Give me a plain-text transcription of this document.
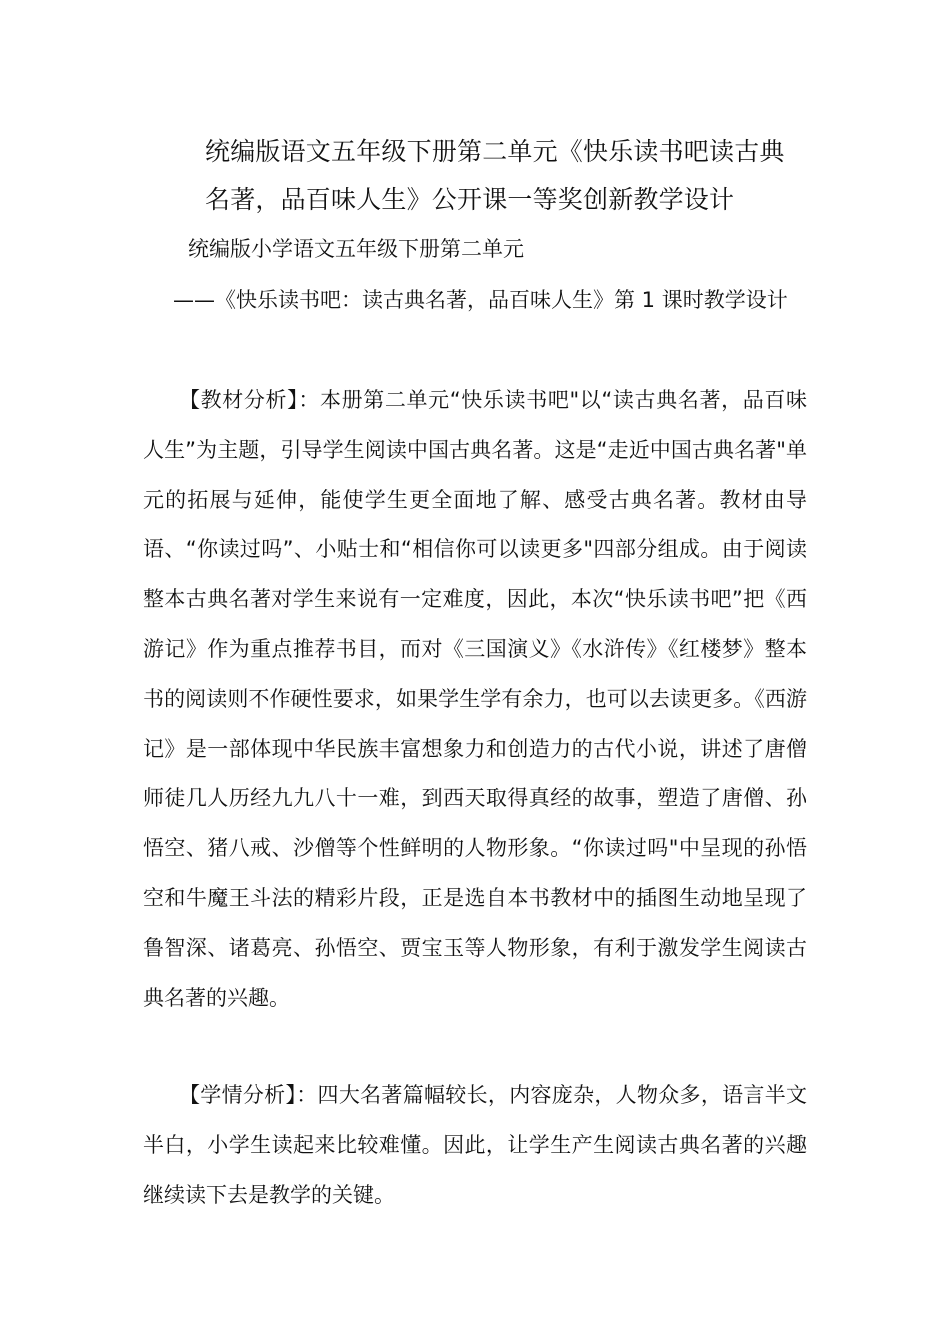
统编版语文五年级下册第二单元《快乐读书吧读古典名著，品百味人生》公开课一等奖创新教学设计

统编版小学语文五年级下册第二单元

——《快乐读书吧：读古典名著，品百味人生》第 1 课时教学设计

【教材分析】：本册第二单元“快乐读书吧"以“读古典名著，品百味人生”为主题，引导学生阅读中国古典名著。这是“走近中国古典名著"单元的拓展与延伸，能使学生更全面地了解、感受古典名著。教材由导语、“你读过吗”、小贴士和“相信你可以读更多"四部分组成。由于阅读整本古典名著对学生来说有一定难度，因此，本次“快乐读书吧”把《西游记》作为重点推荐书目，而对《三国演义》《水浒传》《红楼梦》整本书的阅读则不作硬性要求，如果学生学有余力，也可以去读更多。《西游记》是一部体现中华民族丰富想象力和创造力的古代小说，讲述了唐僧师徒几人历经九九八十一难，到西天取得真经的故事，塑造了唐僧、孙悟空、猪八戒、沙僧等个性鲜明的人物形象。“你读过吗"中呈现的孙悟空和牛魔王斗法的精彩片段，正是选自本书教材中的插图生动地呈现了鲁智深、诸葛亮、孙悟空、贾宝玉等人物形象，有利于激发学生阅读古典名著的兴趣。

【学情分析】：四大名著篇幅较长，内容庞杂，人物众多，语言半文半白，小学生读起来比较难懂。因此，让学生产生阅读古典名著的兴趣继续读下去是教学的关键。
